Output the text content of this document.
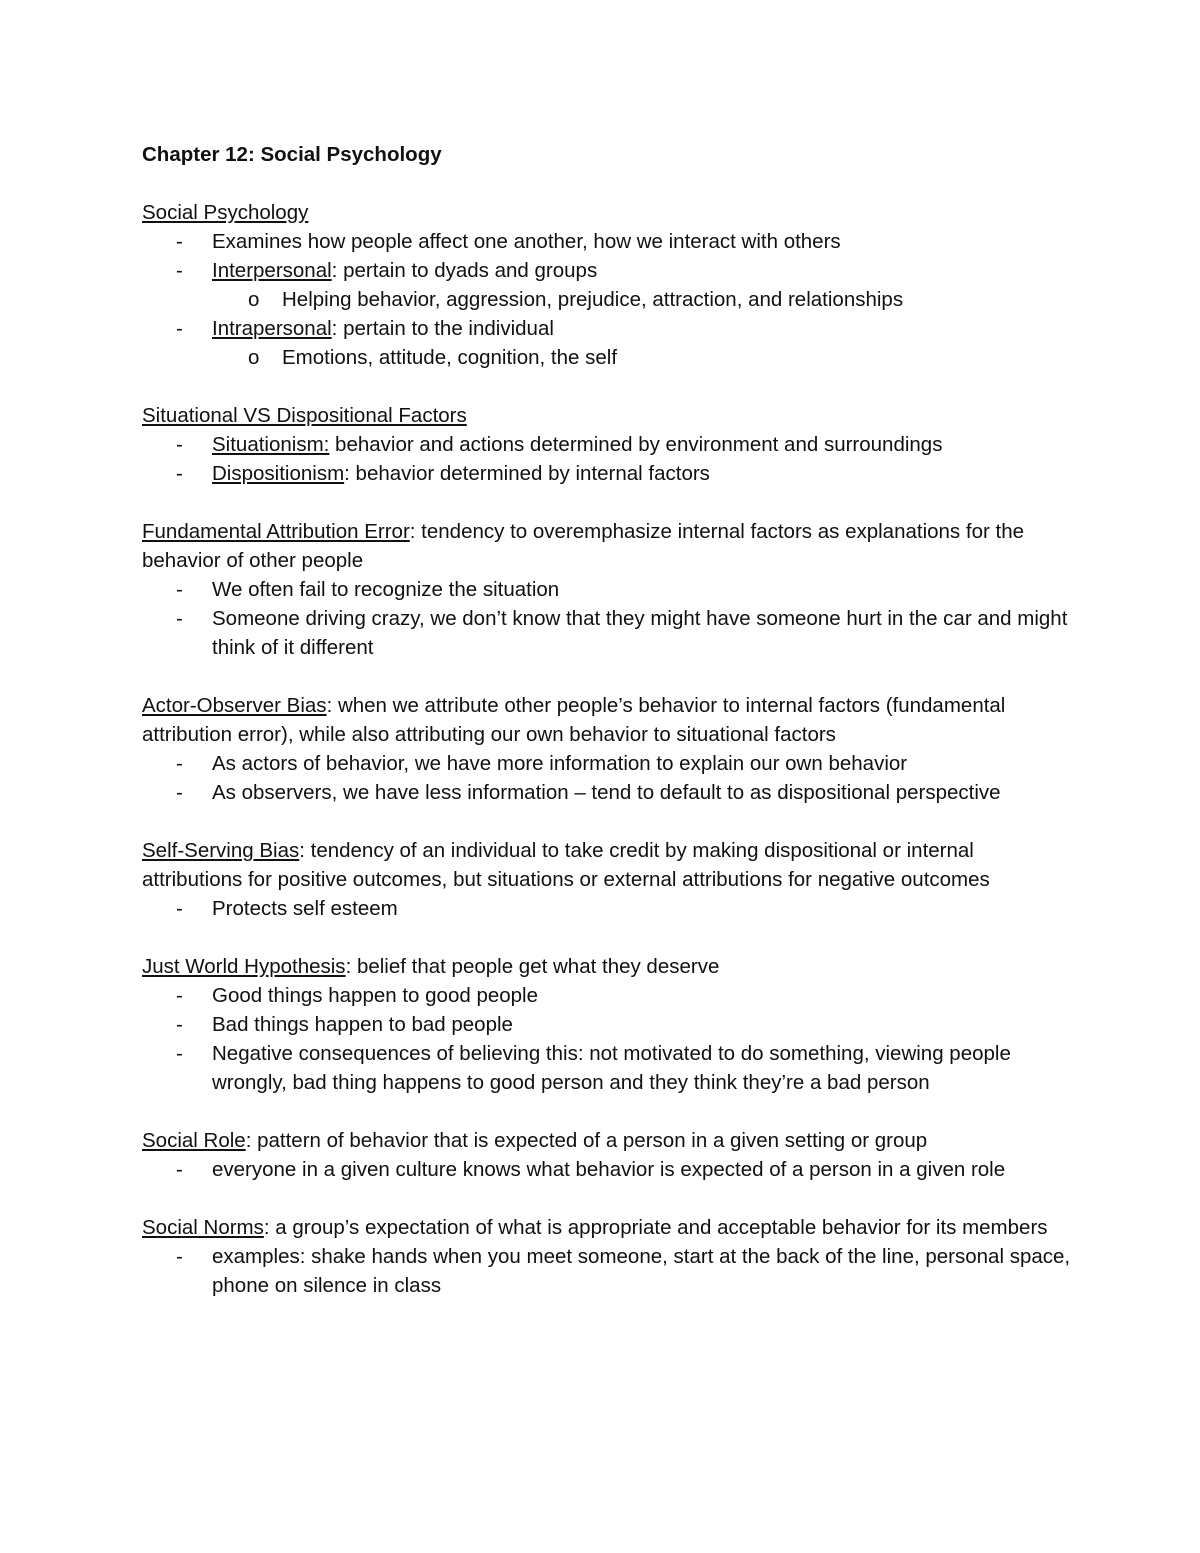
Chapter 12: Social Psychology
Social Psychology
- Examines how people affect one another, how we interact with others
- Interpersonal: pertain to dyads and groups
o Helping behavior, aggression, prejudice, attraction, and relationships
- Intrapersonal: pertain to the individual
o Emotions, attitude, cognition, the self
Situational VS Dispositional Factors
- Situationism: behavior and actions determined by environment and surroundings
- Dispositionism: behavior determined by internal factors
Fundamental Attribution Error: tendency to overemphasize internal factors as explanations for the behavior of other people
- We often fail to recognize the situation
- Someone driving crazy, we don’t know that they might have someone hurt in the car and might think of it different
Actor-Observer Bias: when we attribute other people’s behavior to internal factors (fundamental attribution error), while also attributing our own behavior to situational factors
- As actors of behavior, we have more information to explain our own behavior
- As observers, we have less information – tend to default to as dispositional perspective
Self-Serving Bias: tendency of an individual to take credit by making dispositional or internal attributions for positive outcomes, but situations or external attributions for negative outcomes
- Protects self esteem
Just World Hypothesis: belief that people get what they deserve
- Good things happen to good people
- Bad things happen to bad people
- Negative consequences of believing this: not motivated to do something, viewing people wrongly, bad thing happens to good person and they think they’re a bad person
Social Role: pattern of behavior that is expected of a person in a given setting or group
- everyone in a given culture knows what behavior is expected of a person in a given role
Social Norms: a group’s expectation of what is appropriate and acceptable behavior for its members
- examples: shake hands when you meet someone, start at the back of the line, personal space, phone on silence in class
